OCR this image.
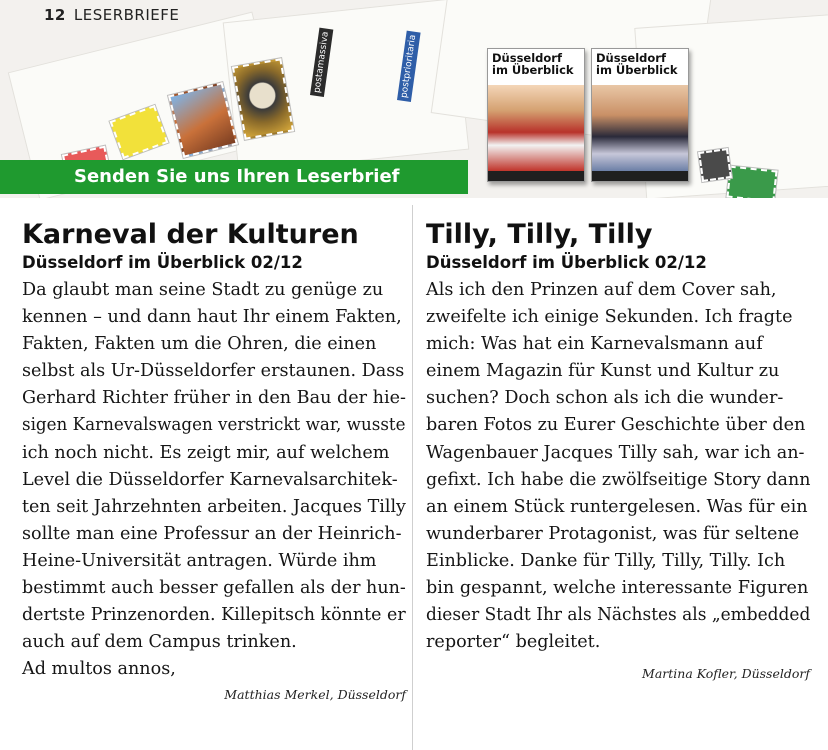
postamassiva	postprioritaria	Düsseldorf
im Überblick
Düsseldorf
im Überblick
12 LESERBRIEFE
Senden Sie uns Ihren Leserbrief
Karneval der Kulturen
Düsseldorf im Überblick 02/12
Da glaubt man seine Stadt zu genüge zu
kennen – und dann haut Ihr einem Fakten,
Fakten, Fakten um die Ohren, die einen
selbst als Ur-Düsseldorfer erstaunen. Dass
Gerhard Richter früher in den Bau der hie-
sigen Karnevalswagen verstrickt war, wusste
ich noch nicht. Es zeigt mir, auf welchem
Level die Düsseldorfer Karnevalsarchitek-
ten seit Jahrzehnten arbeiten. Jacques Tilly
sollte man eine Professur an der Heinrich-
Heine-Universität antragen. Würde ihm
bestimmt auch besser gefallen als der hun-
dertste Prinzenorden. Killepitsch könnte er
auch auf dem Campus trinken.
Ad multos annos,
Matthias Merkel, Düsseldorf
Tilly, Tilly, Tilly
Düsseldorf im Überblick 02/12
Als ich den Prinzen auf dem Cover sah,
zweifelte ich einige Sekunden. Ich fragte
mich: Was hat ein Karnevalsmann auf
einem Magazin für Kunst und Kultur zu
suchen? Doch schon als ich die wunder-
baren Fotos zu Eurer Geschichte über den
Wagenbauer Jacques Tilly sah, war ich an-
gefixt. Ich habe die zwölfseitige Story dann
an einem Stück runtergelesen. Was für ein
wunderbarer Protagonist, was für seltene
Einblicke. Danke für Tilly, Tilly, Tilly. Ich
bin gespannt, welche interessante Figuren
dieser Stadt Ihr als Nächstes als „embedded
reporter“ begleitet.
Martina Kofler, Düsseldorf
